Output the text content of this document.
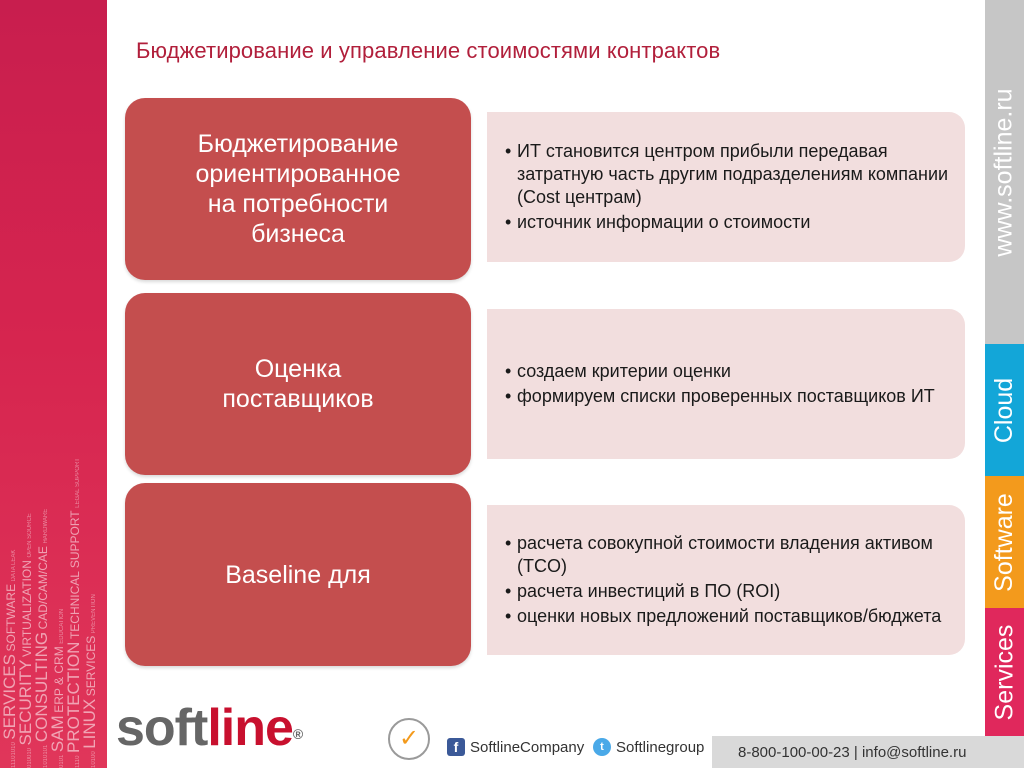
11101010 SERVICES SOFTWARE DATA LEAK
010010 SECURITY VIRTUALIZATION OPEN SOURCE
1010101 CONSULTING CAD/CAM/CAE HARDWARE
0101 SAM ERP & CRM EDUCATION
1110 PROTECTION TECHNICAL SUPPORT LEGAL SUPPORT
10100 LINUX SERVICES PREVENTION
Бюджетирование и управление стоимостями контрактов
Бюджетирование
ориентированное
на потребности
бизнеса
• ИТ становится центром прибыли передавая затратную часть другим подразделениям компании (Cost центрам)
• источник информации о стоимости
Оценка
поставщиков
• создаем критерии оценки
• формируем списки проверенных поставщиков ИТ
Baseline для
• расчета совокупной стоимости владения активом (TCO)
• расчета инвестиций в ПО (ROI)
• оценки новых предложений поставщиков/бюджета
www.softline.ru
Cloud
Software
Services
softline®	✓	f SoftlineCompany	t Softlinegroup 8-800-100-00-23 | info@softline.ru
